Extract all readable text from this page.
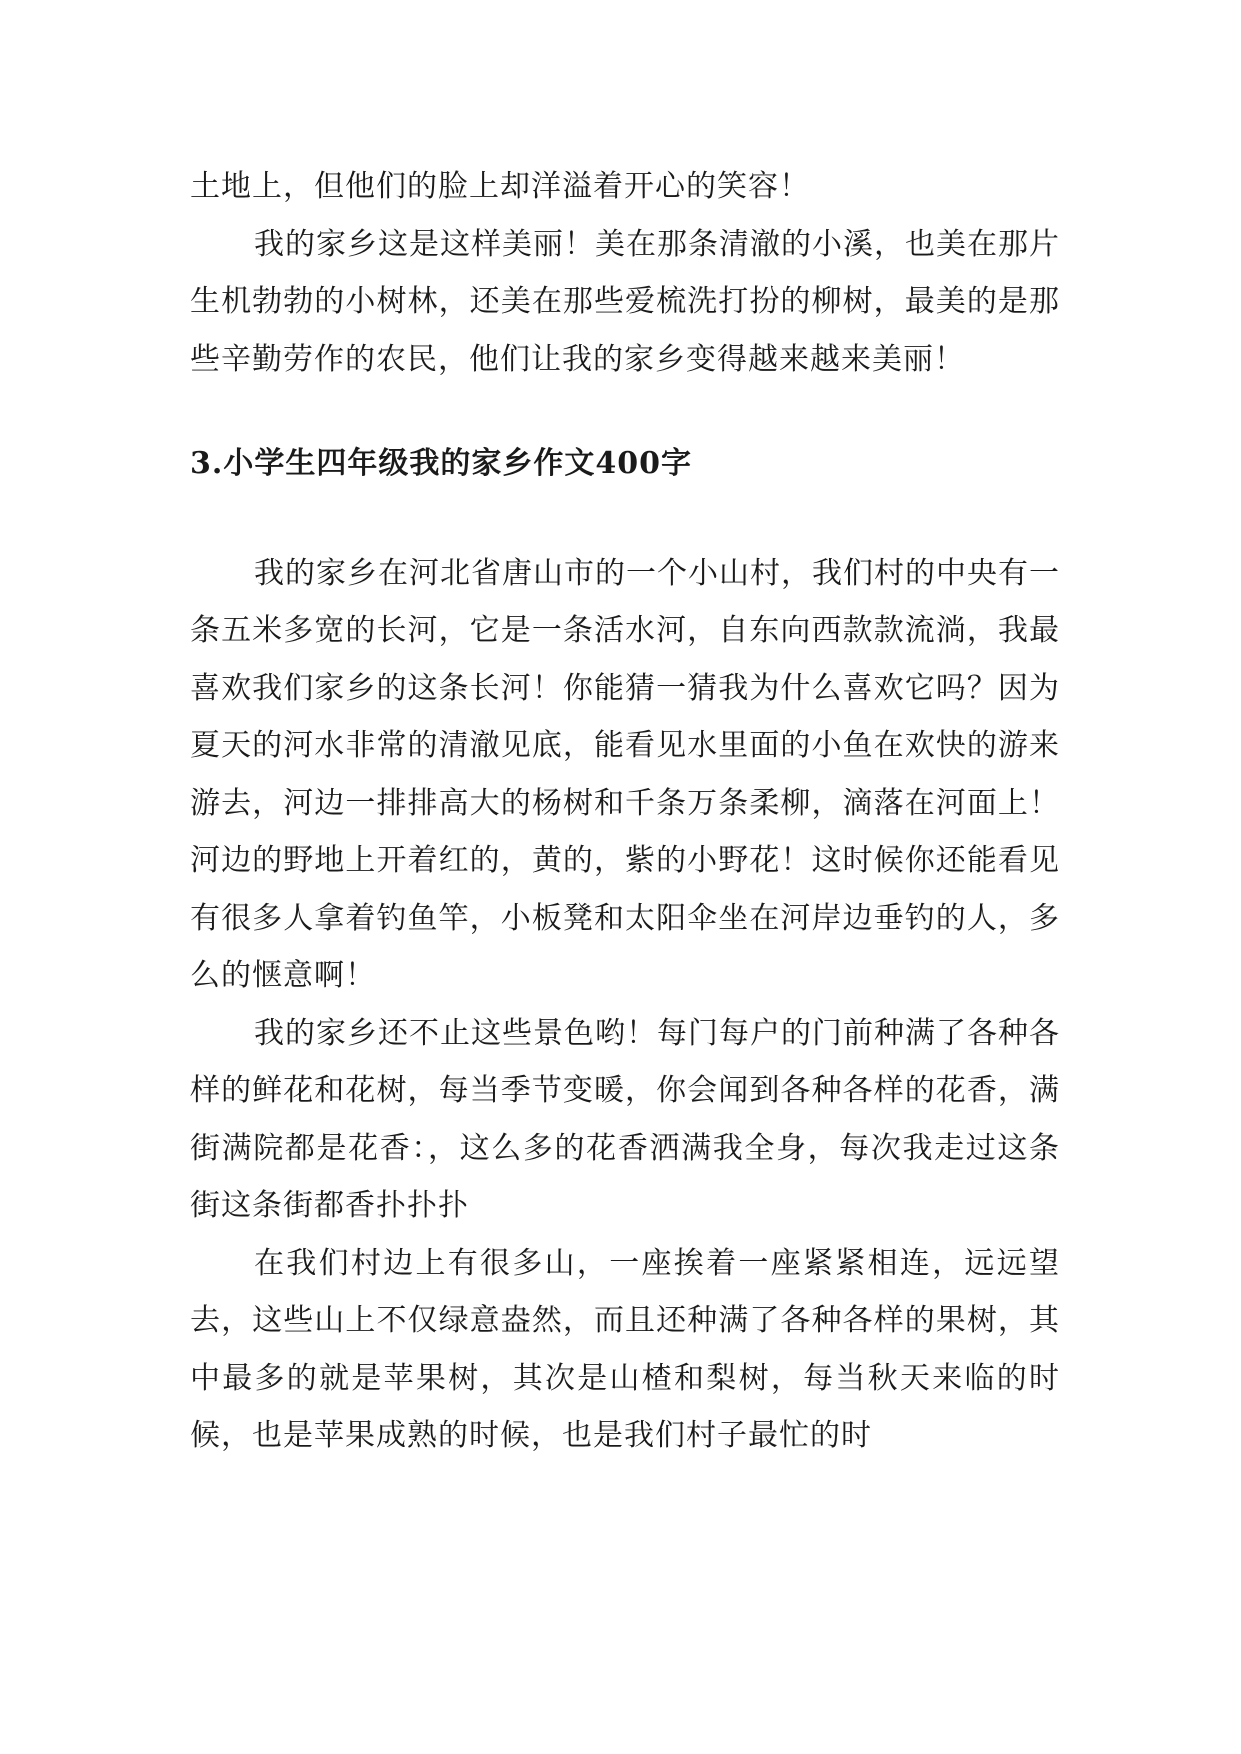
土地上，但他们的脸上却洋溢着开心的笑容！

我的家乡这是这样美丽！美在那条清澈的小溪，也美在那片生机勃勃的小树林，还美在那些爱梳洗打扮的柳树，最美的是那些辛勤劳作的农民，他们让我的家乡变得越来越来美丽！

3.小学生四年级我的家乡作文400字

我的家乡在河北省唐山市的一个小山村，我们村的中央有一条五米多宽的长河，它是一条活水河，自东向西款款流淌，我最喜欢我们家乡的这条长河！你能猜一猜我为什么喜欢它吗？因为夏天的河水非常的清澈见底，能看见水里面的小鱼在欢快的游来游去，河边一排排高大的杨树和千条万条柔柳，滴落在河面上！河边的野地上开着红的，黄的，紫的小野花！这时候你还能看见有很多人拿着钓鱼竿，小板凳和太阳伞坐在河岸边垂钓的人，多么的惬意啊！

我的家乡还不止这些景色哟！每门每户的门前种满了各种各样的鲜花和花树，每当季节变暖，你会闻到各种各样的花香，满街满院都是花香：，这么多的花香洒满我全身，每次我走过这条街这条街都香扑扑扑

在我们村边上有很多山，一座挨着一座紧紧相连，远远望去，这些山上不仅绿意盎然，而且还种满了各种各样的果树，其中最多的就是苹果树，其次是山楂和梨树，每当秋天来临的时候，也是苹果成熟的时候，也是我们村子最忙的时
